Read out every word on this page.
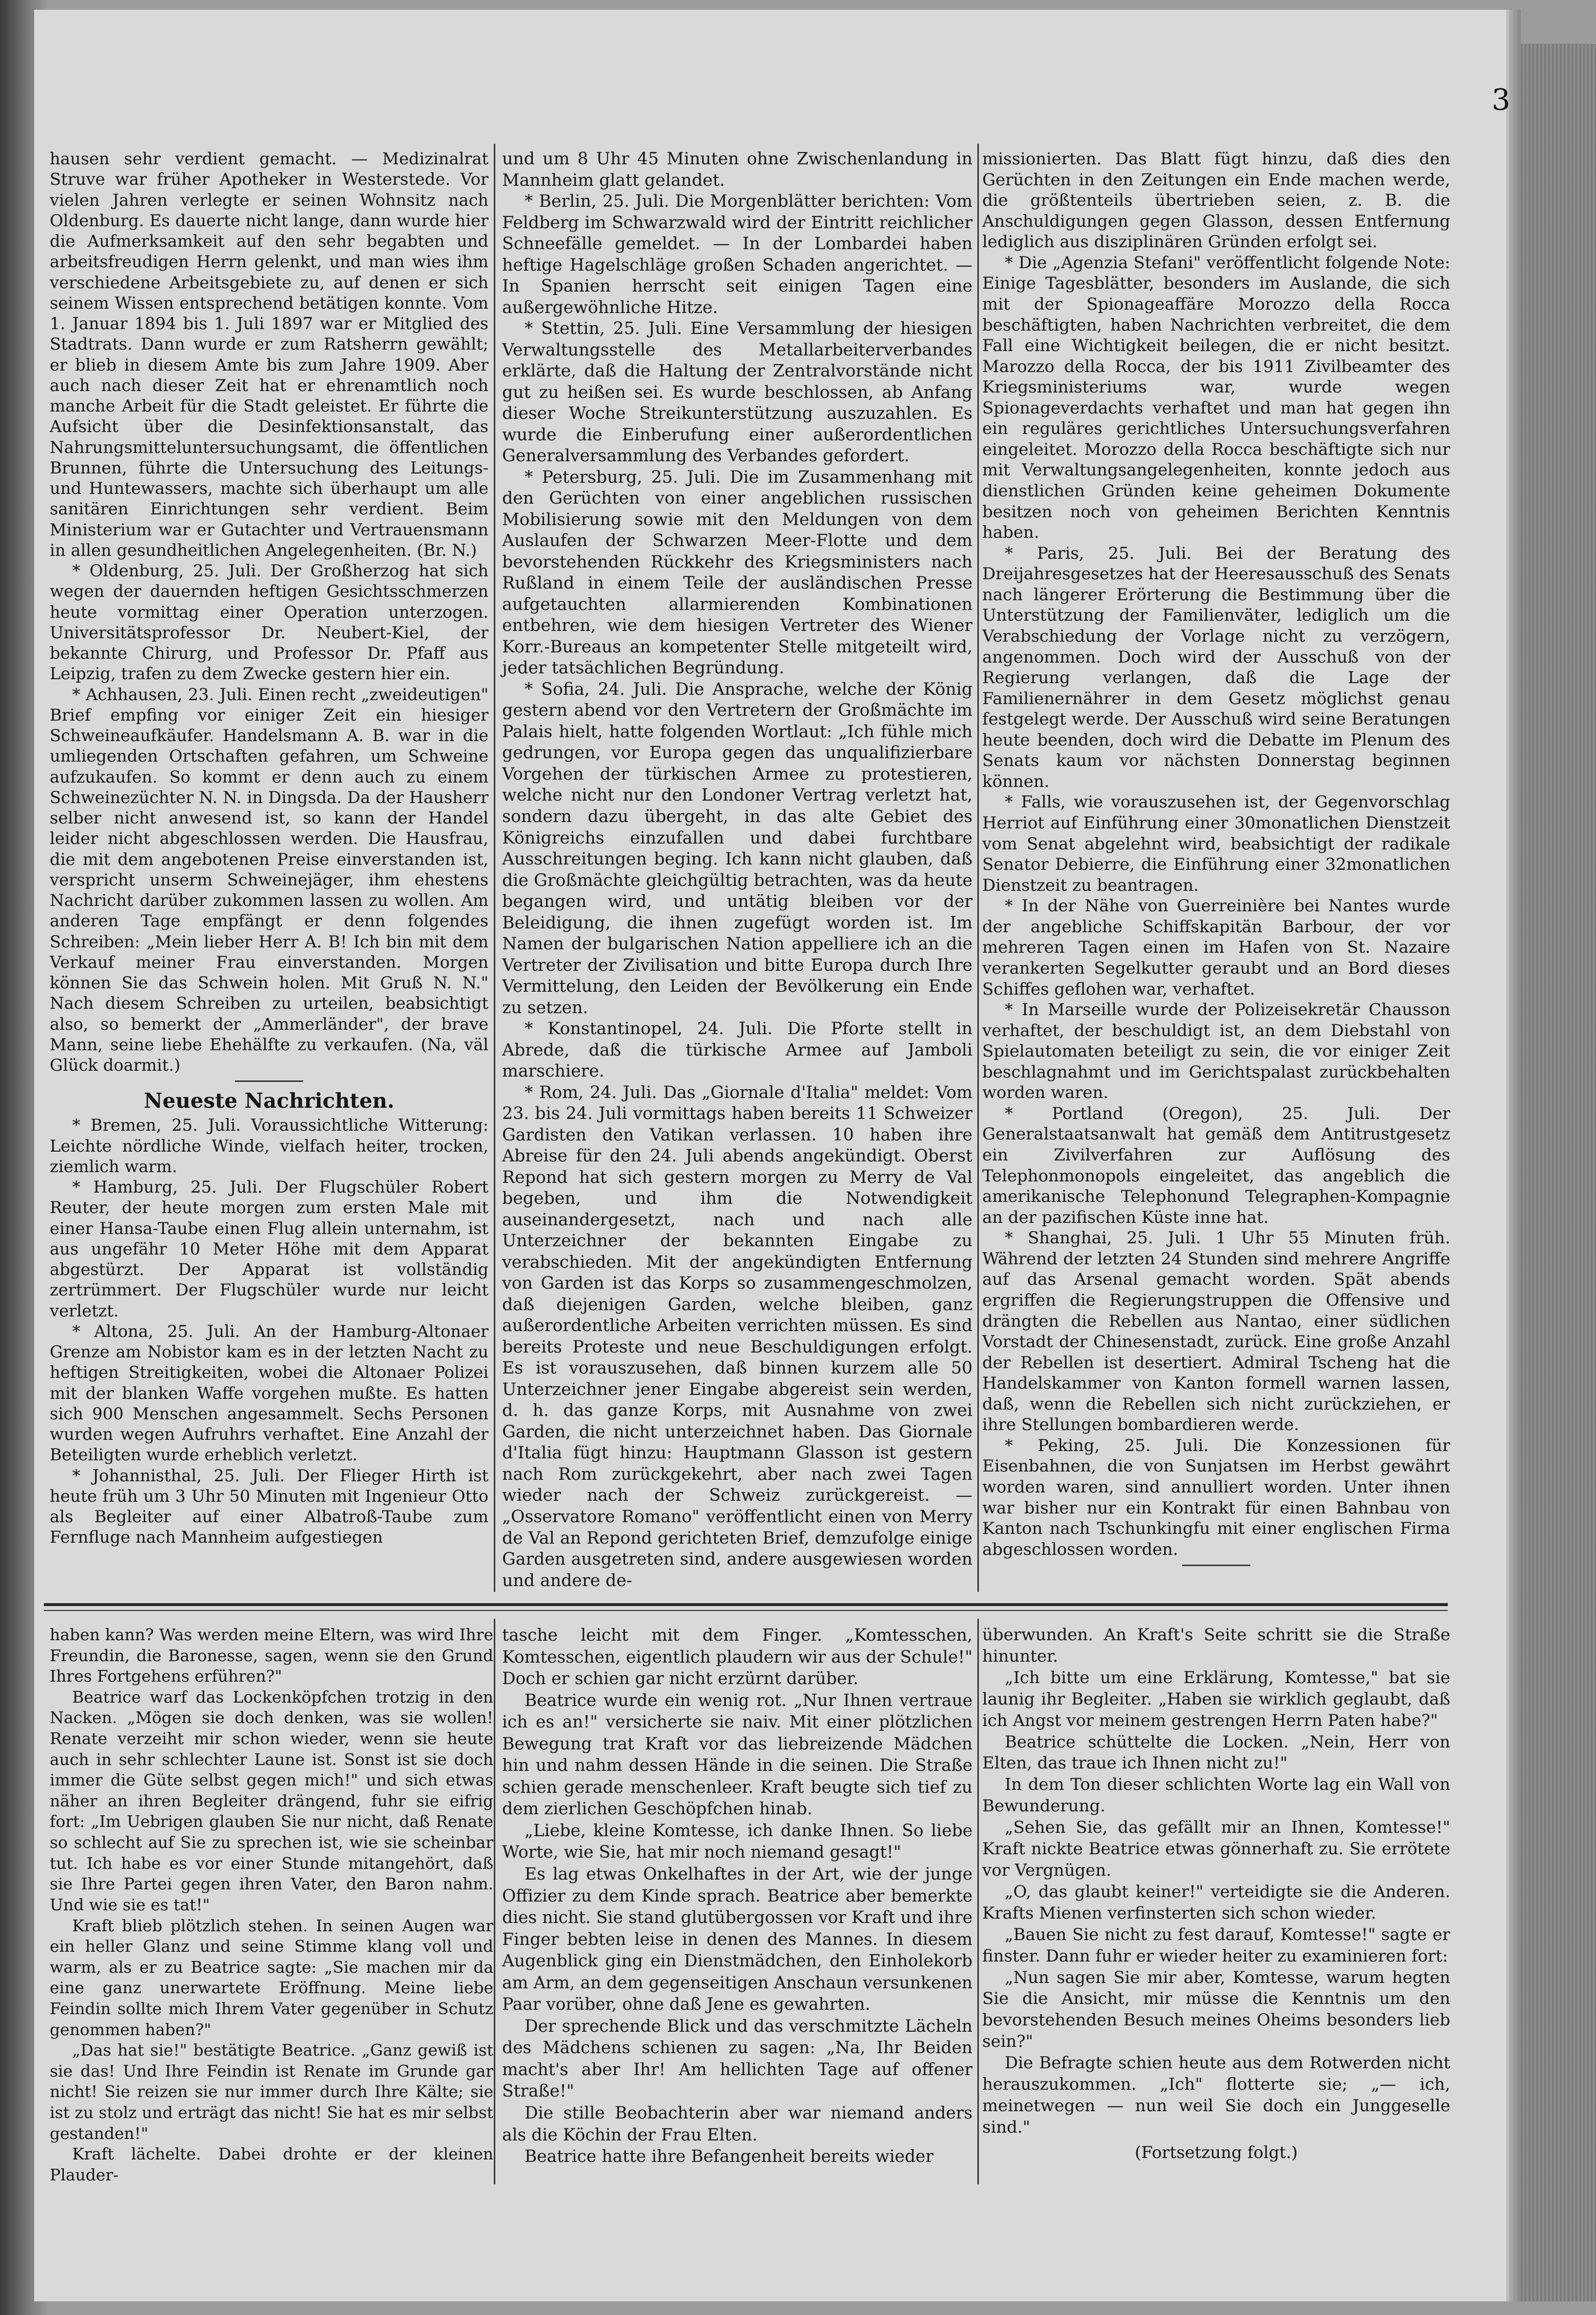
hausen sehr verdient gemacht. — Medizinalrat Struve war früher Apotheker in Westerstede. Vor vielen Jahren verlegte er seinen Wohnsitz nach Oldenburg. Es dauerte nicht lange, dann wurde hier die Aufmerksamkeit auf den sehr begabten und arbeitsfreudigen Herrn gelenkt, und man wies ihm verschiedene Arbeitsgebiete zu, auf denen er sich seinem Wissen entsprechend betätigen konnte. Vom 1. Januar 1894 bis 1. Juli 1897 war er Mitglied des Stadtrats. Dann wurde er zum Ratsherrn gewählt; er blieb in diesem Amte bis zum Jahre 1909. Aber auch nach dieser Zeit hat er ehrenamtlich noch manche Arbeit für die Stadt geleistet. Er führte die Aufsicht über die Desinfektionsanstalt, das Nahrungsmitteluntersuchungsamt, die öffentlichen Brunnen, führte die Untersuchung des Leitungs- und Huntewassers, machte sich überhaupt um alle sanitären Einrichtungen sehr verdient. Beim Ministerium war er Gutachter und Vertrauensmann in allen gesundheitlichen Angelegenheiten. (Br. N.)

* Oldenburg, 25. Juli. Der Großherzog hat sich wegen der dauernden heftigen Gesichtsschmerzen heute vormittag einer Operation unterzogen. Universitätsprofessor Dr. Neubert-Kiel, der bekannte Chirurg, und Professor Dr. Pfaff aus Leipzig, trafen zu dem Zwecke gestern hier ein.

* Achhausen, 23. Juli. Einen recht „zweideutigen" Brief empfing vor einiger Zeit ein hiesiger Schweineaufkäufer. Handelsmann A. B. war in die umliegenden Ortschaften gefahren, um Schweine aufzukaufen. So kommt er denn auch zu einem Schweinezüchter N. N. in Dingsda. Da der Hausherr selber nicht anwesend ist, so kann der Handel leider nicht abgeschlossen werden. Die Hausfrau, die mit dem angebotenen Preise einverstanden ist, verspricht unserm Schweinejäger, ihm ehestens Nachricht darüber zukommen lassen zu wollen. Am anderen Tage empfängt er denn folgendes Schreiben: „Mein lieber Herr A. B! Ich bin mit dem Verkauf meiner Frau einverstanden. Morgen können Sie das Schwein holen. Mit Gruß N. N." Nach diesem Schreiben zu urteilen, beabsichtigt also, so bemerkt der „Ammerländer", der brave Mann, seine liebe Ehehälfte zu verkaufen. (Na, väl Glück doarmit.)

Neueste Nachrichten.

* Bremen, 25. Juli. Voraussichtliche Witterung: Leichte nördliche Winde, vielfach heiter, trocken, ziemlich warm.

* Hamburg, 25. Juli. Der Flugschüler Robert Reuter, der heute morgen zum ersten Male mit einer Hansa-Taube einen Flug allein unternahm, ist aus ungefähr 10 Meter Höhe mit dem Apparat abgestürzt. Der Apparat ist vollständig zertrümmert. Der Flugschüler wurde nur leicht verletzt.

* Altona, 25. Juli. An der Hamburg-Altonaer Grenze am Nobistor kam es in der letzten Nacht zu heftigen Streitigkeiten, wobei die Altonaer Polizei mit der blanken Waffe vorgehen mußte. Es hatten sich 900 Menschen angesammelt. Sechs Personen wurden wegen Aufruhrs verhaftet. Eine Anzahl der Beteiligten wurde erheblich verletzt.

* Johannisthal, 25. Juli. Der Flieger Hirth ist heute früh um 3 Uhr 50 Minuten mit Ingenieur Otto als Begleiter auf einer Albatroß-Taube zum Fernfluge nach Mannheim aufgestiegen

und um 8 Uhr 45 Minuten ohne Zwischenlandung in Mannheim glatt gelandet.

* Berlin, 25. Juli. Die Morgenblätter berichten: Vom Feldberg im Schwarzwald wird der Eintritt reichlicher Schneefälle gemeldet. — In der Lombardei haben heftige Hagelschläge großen Schaden angerichtet. — In Spanien herrscht seit einigen Tagen eine außergewöhnliche Hitze.

* Stettin, 25. Juli. Eine Versammlung der hiesigen Verwaltungsstelle des Metallarbeiterverbandes erklärte, daß die Haltung der Zentralvorstände nicht gut zu heißen sei. Es wurde beschlossen, ab Anfang dieser Woche Streikunterstützung auszuzahlen. Es wurde die Einberufung einer außerordentlichen Generalversammlung des Verbandes gefordert.

* Petersburg, 25. Juli. Die im Zusammenhang mit den Gerüchten von einer angeblichen russischen Mobilisierung sowie mit den Meldungen von dem Auslaufen der Schwarzen Meer-Flotte und dem bevorstehenden Rückkehr des Kriegsministers nach Rußland in einem Teile der ausländischen Presse aufgetauchten allarmierenden Kombinationen entbehren, wie dem hiesigen Vertreter des Wiener Korr.-Bureaus an kompetenter Stelle mitgeteilt wird, jeder tatsächlichen Begründung.

* Sofia, 24. Juli. Die Ansprache, welche der König gestern abend vor den Vertretern der Großmächte im Palais hielt, hatte folgenden Wortlaut: „Ich fühle mich gedrungen, vor Europa gegen das unqualifizierbare Vorgehen der türkischen Armee zu protestieren, welche nicht nur den Londoner Vertrag verletzt hat, sondern dazu übergeht, in das alte Gebiet des Königreichs einzufallen und dabei furchtbare Ausschreitungen beging. Ich kann nicht glauben, daß die Großmächte gleichgültig betrachten, was da heute begangen wird, und untätig bleiben vor der Beleidigung, die ihnen zugefügt worden ist. Im Namen der bulgarischen Nation appelliere ich an die Vertreter der Zivilisation und bitte Europa durch Ihre Vermittelung, den Leiden der Bevölkerung ein Ende zu setzen.

* Konstantinopel, 24. Juli. Die Pforte stellt in Abrede, daß die türkische Armee auf Jamboli marschiere.

* Rom, 24. Juli. Das „Giornale d'Italia" meldet: Vom 23. bis 24. Juli vormittags haben bereits 11 Schweizer Gardisten den Vatikan verlassen. 10 haben ihre Abreise für den 24. Juli abends angekündigt. Oberst Repond hat sich gestern morgen zu Merry de Val begeben, und ihm die Notwendigkeit auseinandergesetzt, nach und nach alle Unterzeichner der bekannten Eingabe zu verabschieden. Mit der angekündigten Entfernung von Garden ist das Korps so zusammengeschmolzen, daß diejenigen Garden, welche bleiben, ganz außerordentliche Arbeiten verrichten müssen. Es sind bereits Proteste und neue Beschuldigungen erfolgt. Es ist vorauszusehen, daß binnen kurzem alle 50 Unterzeichner jener Eingabe abgereist sein werden, d. h. das ganze Korps, mit Ausnahme von zwei Garden, die nicht unterzeichnet haben. Das Giornale d'Italia fügt hinzu: Hauptmann Glasson ist gestern nach Rom zurückgekehrt, aber nach zwei Tagen wieder nach der Schweiz zurückgereist. — „Osservatore Romano" veröffentlicht einen von Merry de Val an Repond gerichteten Brief, demzufolge einige Garden ausgetreten sind, andere ausgewiesen worden und andere de-

missionierten. Das Blatt fügt hinzu, daß dies den Gerüchten in den Zeitungen ein Ende machen werde, die größtenteils übertrieben seien, z. B. die Anschuldigungen gegen Glasson, dessen Entfernung lediglich aus disziplinären Gründen erfolgt sei.

* Die „Agenzia Stefani" veröffentlicht folgende Note: Einige Tagesblätter, besonders im Auslande, die sich mit der Spionageaffäre Morozzo della Rocca beschäftigten, haben Nachrichten verbreitet, die dem Fall eine Wichtigkeit beilegen, die er nicht besitzt. Marozzo della Rocca, der bis 1911 Zivilbeamter des Kriegsministeriums war, wurde wegen Spionageverdachts verhaftet und man hat gegen ihn ein reguläres gerichtliches Untersuchungsverfahren eingeleitet. Morozzo della Rocca beschäftigte sich nur mit Verwaltungsangelegenheiten, konnte jedoch aus dienstlichen Gründen keine geheimen Dokumente besitzen noch von geheimen Berichten Kenntnis haben.

* Paris, 25. Juli. Bei der Beratung des Dreijahresgesetzes hat der Heeresausschuß des Senats nach längerer Erörterung die Bestimmung über die Unterstützung der Familienväter, lediglich um die Verabschiedung der Vorlage nicht zu verzögern, angenommen. Doch wird der Ausschuß von der Regierung verlangen, daß die Lage der Familienernährer in dem Gesetz möglichst genau festgelegt werde. Der Ausschuß wird seine Beratungen heute beenden, doch wird die Debatte im Plenum des Senats kaum vor nächsten Donnerstag beginnen können.

* Falls, wie vorauszusehen ist, der Gegenvorschlag Herriot auf Einführung einer 30monatlichen Dienstzeit vom Senat abgelehnt wird, beabsichtigt der radikale Senator Debierre, die Einführung einer 32monatlichen Dienstzeit zu beantragen.

* In der Nähe von Guerreinière bei Nantes wurde der angebliche Schiffskapitän Barbour, der vor mehreren Tagen einen im Hafen von St. Nazaire verankerten Segelkutter geraubt und an Bord dieses Schiffes geflohen war, verhaftet.

* In Marseille wurde der Polizeisekretär Chausson verhaftet, der beschuldigt ist, an dem Diebstahl von Spielautomaten beteiligt zu sein, die vor einiger Zeit beschlagnahmt und im Gerichtspalast zurückbehalten worden waren.

* Portland (Oregon), 25. Juli. Der Generalstaatsanwalt hat gemäß dem Antitrustgesetz ein Zivilverfahren zur Auflösung des Telephonmonopols eingeleitet, das angeblich die amerikanische Telephonund Telegraphen-Kompagnie an der pazifischen Küste inne hat.

* Shanghai, 25. Juli. 1 Uhr 55 Minuten früh. Während der letzten 24 Stunden sind mehrere Angriffe auf das Arsenal gemacht worden. Spät abends ergriffen die Regierungstruppen die Offensive und drängten die Rebellen aus Nantao, einer südlichen Vorstadt der Chinesenstadt, zurück. Eine große Anzahl der Rebellen ist desertiert. Admiral Tscheng hat die Handelskammer von Kanton formell warnen lassen, daß, wenn die Rebellen sich nicht zurückziehen, er ihre Stellungen bombardieren werde.

* Peking, 25. Juli. Die Konzessionen für Eisenbahnen, die von Sunjatsen im Herbst gewährt worden waren, sind annulliert worden. Unter ihnen war bisher nur ein Kontrakt für einen Bahnbau von Kanton nach Tschunkingfu mit einer englischen Firma abgeschlossen worden.

haben kann? Was werden meine Eltern, was wird Ihre Freundin, die Baronesse, sagen, wenn sie den Grund Ihres Fortgehens erführen?"

Beatrice warf das Lockenköpfchen trotzig in den Nacken. „Mögen sie doch denken, was sie wollen! Renate verzeiht mir schon wieder, wenn sie heute auch in sehr schlechter Laune ist. Sonst ist sie doch immer die Güte selbst gegen mich!" und sich etwas näher an ihren Begleiter drängend, fuhr sie eifrig fort: „Im Uebrigen glauben Sie nur nicht, daß Renate so schlecht auf Sie zu sprechen ist, wie sie scheinbar tut. Ich habe es vor einer Stunde mitangehört, daß sie Ihre Partei gegen ihren Vater, den Baron nahm. Und wie sie es tat!"

Kraft blieb plötzlich stehen. In seinen Augen war ein heller Glanz und seine Stimme klang voll und warm, als er zu Beatrice sagte: „Sie machen mir da eine ganz unerwartete Eröffnung. Meine liebe Feindin sollte mich Ihrem Vater gegenüber in Schutz genommen haben?"

„Das hat sie!" bestätigte Beatrice. „Ganz gewiß ist sie das! Und Ihre Feindin ist Renate im Grunde gar nicht! Sie reizen sie nur immer durch Ihre Kälte; sie ist zu stolz und erträgt das nicht! Sie hat es mir selbst gestanden!"

Kraft lächelte. Dabei drohte er der kleinen Plauder-

tasche leicht mit dem Finger. „Komtesschen, Komtesschen, eigentlich plaudern wir aus der Schule!" Doch er schien gar nicht erzürnt darüber.

Beatrice wurde ein wenig rot. „Nur Ihnen vertraue ich es an!" versicherte sie naiv. Mit einer plötzlichen Bewegung trat Kraft vor das liebreizende Mädchen hin und nahm dessen Hände in die seinen. Die Straße schien gerade menschenleer. Kraft beugte sich tief zu dem zierlichen Geschöpfchen hinab.

„Liebe, kleine Komtesse, ich danke Ihnen. So liebe Worte, wie Sie, hat mir noch niemand gesagt!"

Es lag etwas Onkelhaftes in der Art, wie der junge Offizier zu dem Kinde sprach. Beatrice aber bemerkte dies nicht. Sie stand glutübergossen vor Kraft und ihre Finger bebten leise in denen des Mannes. In diesem Augenblick ging ein Dienstmädchen, den Einholekorb am Arm, an dem gegenseitigen Anschaun versunkenen Paar vorüber, ohne daß Jene es gewahrten.

Der sprechende Blick und das verschmitzte Lächeln des Mädchens schienen zu sagen: „Na, Ihr Beiden macht's aber Ihr! Am hellichten Tage auf offener Straße!"

Die stille Beobachterin aber war niemand anders als die Köchin der Frau Elten.

Beatrice hatte ihre Befangenheit bereits wieder

überwunden. An Kraft's Seite schritt sie die Straße hinunter.

„Ich bitte um eine Erklärung, Komtesse," bat sie launig ihr Begleiter. „Haben sie wirklich geglaubt, daß ich Angst vor meinem gestrengen Herrn Paten habe?"

Beatrice schüttelte die Locken. „Nein, Herr von Elten, das traue ich Ihnen nicht zu!"

In dem Ton dieser schlichten Worte lag ein Wall von Bewunderung.

„Sehen Sie, das gefällt mir an Ihnen, Komtesse!" Kraft nickte Beatrice etwas gönnerhaft zu. Sie errötete vor Vergnügen.

„O, das glaubt keiner!" verteidigte sie die Anderen. Krafts Mienen verfinsterten sich schon wieder.

„Bauen Sie nicht zu fest darauf, Komtesse!" sagte er finster. Dann fuhr er wieder heiter zu examinieren fort:

„Nun sagen Sie mir aber, Komtesse, warum hegten Sie die Ansicht, mir müsse die Kenntnis um den bevorstehenden Besuch meines Oheims besonders lieb sein?"

Die Befragte schien heute aus dem Rotwerden nicht herauszukommen. „Ich" flotterte sie; „— ich, meinetwegen — nun weil Sie doch ein Junggeselle sind."

(Fortsetzung folgt.)

3
